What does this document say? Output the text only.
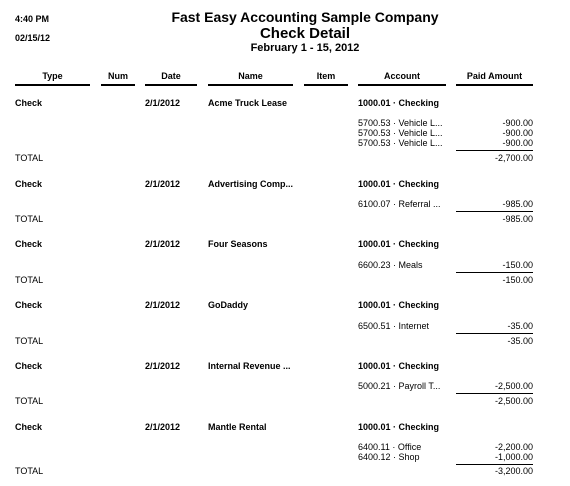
4:40 PM
02/15/12
Fast Easy Accounting Sample Company
Check Detail
February 1 - 15, 2012
Type	Num	Date	Name	Item	Account	Paid Amount
Check	2/1/2012	Acme Truck Lease	1000.01 · Checking
5700.53 · Vehicle L...	-900.00
5700.53 · Vehicle L...	-900.00
5700.53 · Vehicle L...	-900.00
TOTAL	-2,700.00
Check	2/1/2012	Advertising Comp...	1000.01 · Checking
6100.07 · Referral ...	-985.00
TOTAL	-985.00
Check	2/1/2012	Four Seasons	1000.01 · Checking
6600.23 · Meals	-150.00
TOTAL	-150.00
Check	2/1/2012	GoDaddy	1000.01 · Checking
6500.51 · Internet	-35.00
TOTAL	-35.00
Check	2/1/2012	Internal Revenue ...	1000.01 · Checking
5000.21 · Payroll T...	-2,500.00
TOTAL	-2,500.00
Check	2/1/2012	Mantle Rental	1000.01 · Checking
6400.11 · Office	-2,200.00
6400.12 · Shop	-1,000.00
TOTAL	-3,200.00
